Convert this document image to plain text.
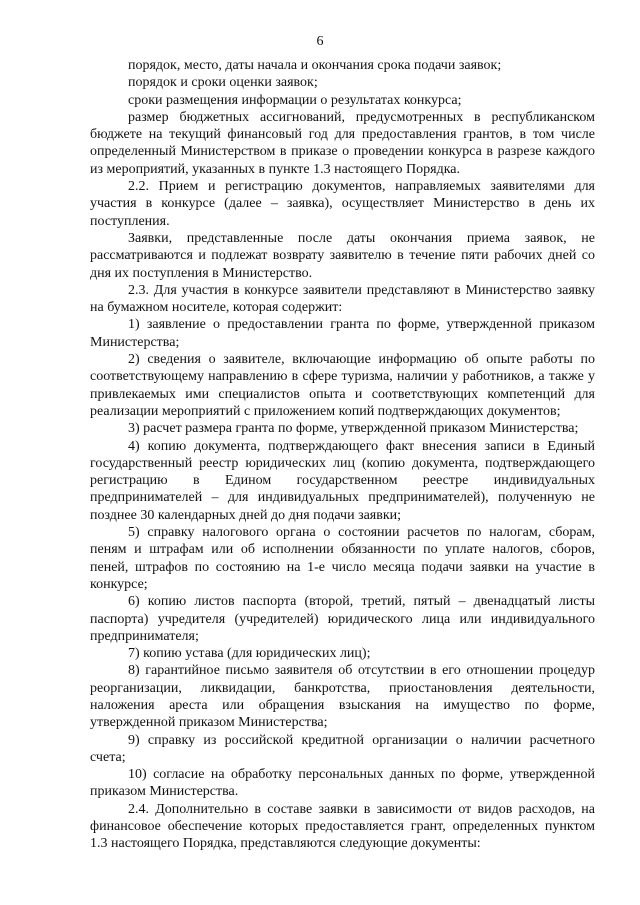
6

порядок, место, даты начала и окончания срока подачи заявок;

порядок и сроки оценки заявок;

сроки размещения информации о результатах конкурса;

размер бюджетных ассигнований, предусмотренных в республиканском бюджете на текущий финансовый год для предоставления грантов, в том числе определенный Министерством в приказе о проведении конкурса в разрезе каждого из мероприятий, указанных в пункте 1.3 настоящего Порядка.

2.2. Прием и регистрацию документов, направляемых заявителями для участия в конкурсе (далее – заявка), осуществляет Министерство в день их поступления.

Заявки, представленные после даты окончания приема заявок, не рассматриваются и подлежат возврату заявителю в течение пяти рабочих дней со дня их поступления в Министерство.

2.3. Для участия в конкурсе заявители представляют в Министерство заявку на бумажном носителе, которая содержит:

1) заявление о предоставлении гранта по форме, утвержденной приказом Министерства;

2) сведения о заявителе, включающие информацию об опыте работы по соответствующему направлению в сфере туризма, наличии у работников, а также у привлекаемых ими специалистов опыта и соответствующих компетенций для реализации мероприятий с приложением копий подтверждающих документов;

3) расчет размера гранта по форме, утвержденной приказом Министерства;

4) копию документа, подтверждающего факт внесения записи в Единый государственный реестр юридических лиц (копию документа, подтверждающего регистрацию в Едином государственном реестре индивидуальных предпринимателей – для индивидуальных предпринимателей), полученную не позднее 30 календарных дней до дня подачи заявки;

5) справку налогового органа о состоянии расчетов по налогам, сборам, пеням и штрафам или об исполнении обязанности по уплате налогов, сборов, пеней, штрафов по состоянию на 1-е число месяца подачи заявки на участие в конкурсе;

6) копию листов паспорта (второй, третий, пятый – двенадцатый листы паспорта) учредителя (учредителей) юридического лица или индивидуального предпринимателя;

7) копию устава (для юридических лиц);

8) гарантийное письмо заявителя об отсутствии в его отношении процедур реорганизации, ликвидации, банкротства, приостановления деятельности, наложения ареста или обращения взыскания на имущество по форме, утвержденной приказом Министерства;

9) справку из российской кредитной организации о наличии расчетного счета;

10) согласие на обработку персональных данных по форме, утвержденной приказом Министерства.

2.4. Дополнительно в составе заявки в зависимости от видов расходов, на финансовое обеспечение которых предоставляется грант, определенных пунктом 1.3 настоящего Порядка, представляются следующие документы:
